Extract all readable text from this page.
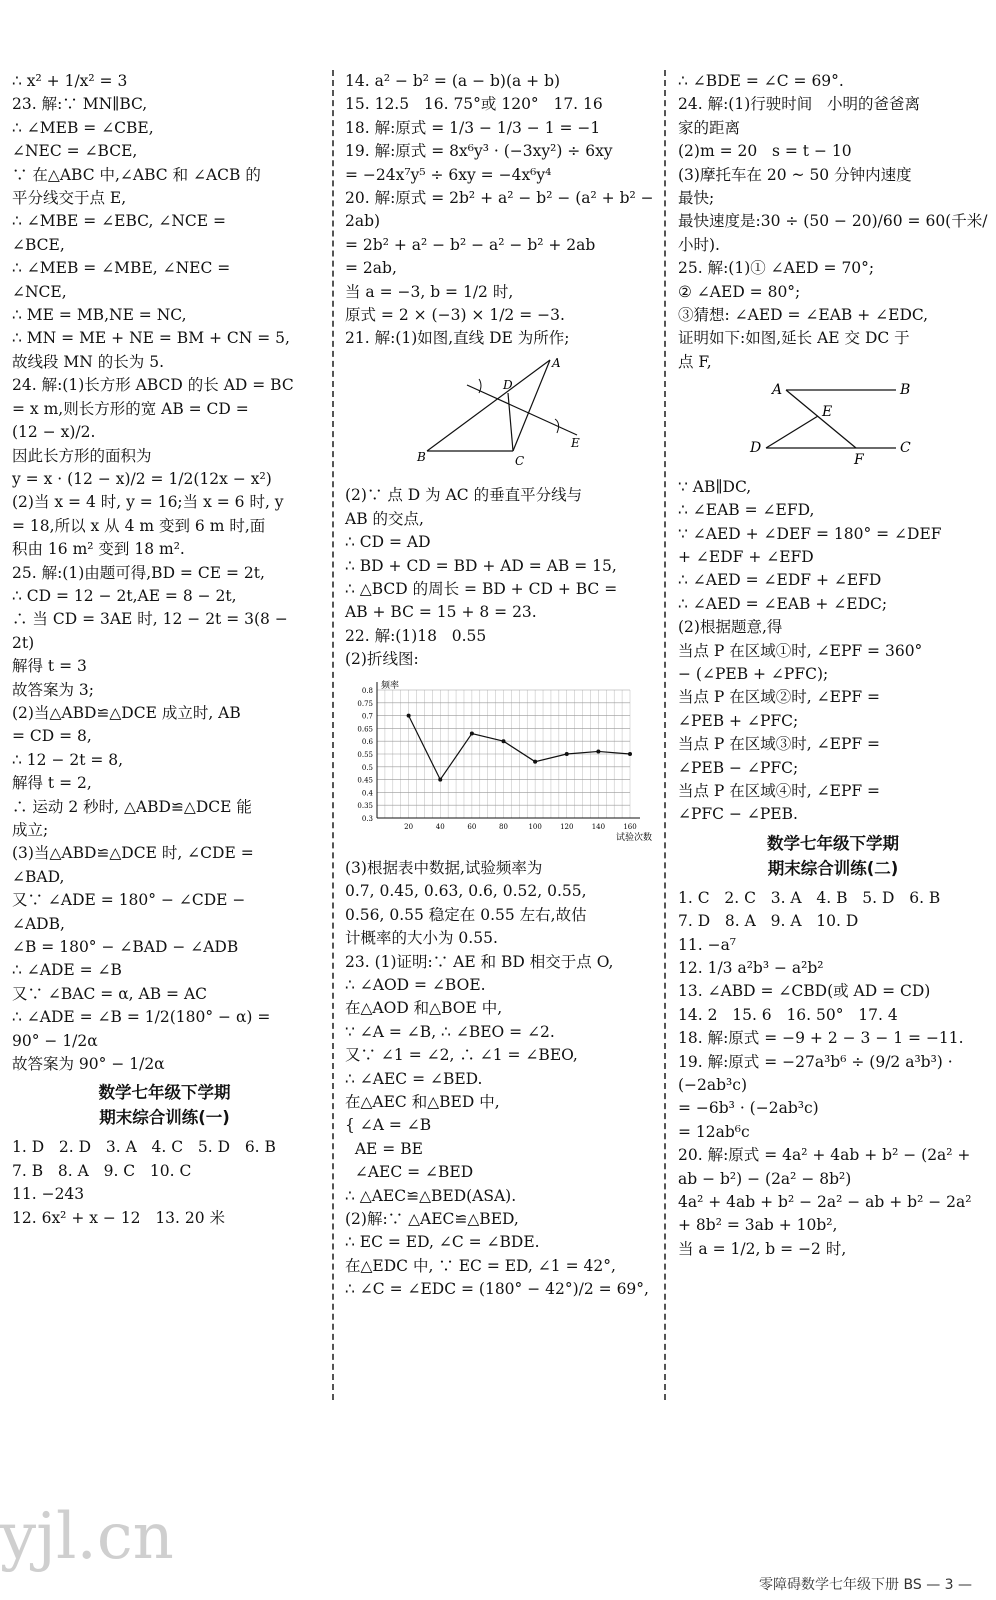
∴ x² + 1/x² = 3
23. 解:∵ MN∥BC,
∴ ∠MEB = ∠CBE,
∠NEC = ∠BCE,
∵ 在△ABC 中,∠ABC 和 ∠ACB 的
平分线交于点 E,
∴ ∠MBE = ∠EBC, ∠NCE =
∠BCE,
∴ ∠MEB = ∠MBE, ∠NEC =
∠NCE,
∴ ME = MB,NE = NC,
∴ MN = ME + NE = BM + CN = 5,
故线段 MN 的长为 5.
24. 解:(1)长方形 ABCD 的长 AD = BC
= x m,则长方形的宽 AB = CD =
(12 − x)/2.
因此长方形的面积为
y = x · (12 − x)/2 = 1/2(12x − x²)
(2)当 x = 4 时, y = 16;当 x = 6 时, y
= 18,所以 x 从 4 m 变到 6 m 时,面
积由 16 m² 变到 18 m².
25. 解:(1)由题可得,BD = CE = 2t,
∴ CD = 12 − 2t,AE = 8 − 2t,
∴ 当 CD = 3AE 时, 12 − 2t = 3(8 −
2t)
解得 t = 3
故答案为 3;
(2)当△ABD≌△DCE 成立时, AB
= CD = 8,
∴ 12 − 2t = 8,
解得 t = 2,
∴ 运动 2 秒时, △ABD≌△DCE 能
成立;
(3)当△ABD≌△DCE 时, ∠CDE =
∠BAD,
又∵ ∠ADE = 180° − ∠CDE −
∠ADB,
∠B = 180° − ∠BAD − ∠ADB
∴ ∠ADE = ∠B
又∵ ∠BAC = α, AB = AC
∴ ∠ADE = ∠B = 1/2(180° − α) =
90° − 1/2α
故答案为 90° − 1/2α
数学七年级下学期
期末综合训练(一)
1. D   2. D   3. A   4. C   5. D   6. B
7. B   8. A   9. C   10. C
11. −243
12. 6x² + x − 12   13. 20 米
14. a² − b² = (a − b)(a + b)
15. 12.5   16. 75°或 120°   17. 16
18. 解:原式 = 1/3 − 1/3 − 1 = −1
19. 解:原式 = 8x⁶y³ · (−3xy²) ÷ 6xy
= −24x⁷y⁵ ÷ 6xy = −4x⁶y⁴
20. 解:原式 = 2b² + a² − b² − (a² + b² −
2ab)
= 2b² + a² − b² − a² − b² + 2ab
= 2ab,
当 a = −3, b = 1/2 时,
原式 = 2 × (−3) × 1/2 = −3.
21. 解:(1)如图,直线 DE 为所作;
A
B	C
D
E
(2)∵ 点 D 为 AC 的垂直平分线与
AB 的交点,
∴ CD = AD
∴ BD + CD = BD + AD = AB = 15,
∴ △BCD 的周长 = BD + CD + BC =
AB + BC = 15 + 8 = 23.
22. 解:(1)18   0.55
(2)折线图:
0.3
0.35
0.4
0.45
0.5
0.55
0.6
0.65
0.7
0.75
0.8
20	40	60	80	100	120	140	160
频率
试验次数
(3)根据表中数据,试验频率为
0.7, 0.45, 0.63, 0.6, 0.52, 0.55,
0.56, 0.55 稳定在 0.55 左右,故估
计概率的大小为 0.55.
23. (1)证明:∵ AE 和 BD 相交于点 O,
∴ ∠AOD = ∠BOE.
在△AOD 和△BOE 中,
∵ ∠A = ∠B, ∴ ∠BEO = ∠2.
又∵ ∠1 = ∠2, ∴ ∠1 = ∠BEO,
∴ ∠AEC = ∠BED.
在△AEC 和△BED 中,
{ ∠A = ∠B
AE = BE
∠AEC = ∠BED
∴ △AEC≌△BED(ASA).
(2)解:∵ △AEC≌△BED,
∴ EC = ED, ∠C = ∠BDE.
在△EDC 中, ∵ EC = ED, ∠1 = 42°,
∴ ∠C = ∠EDC = (180° − 42°)/2 = 69°,
∴ ∠BDE = ∠C = 69°.
24. 解:(1)行驶时间   小明的爸爸离
家的距离
(2)m = 20   s = t − 10
(3)摩托车在 20 ~ 50 分钟内速度
最快;
最快速度是:30 ÷ (50 − 20)/60 = 60(千米/
小时).
25. 解:(1)① ∠AED = 70°;
② ∠AED = 80°;
③猜想: ∠AED = ∠EAB + ∠EDC,
证明如下:如图,延长 AE 交 DC 于
点 F,
A	B
C
D
E
F
∵ AB∥DC,
∴ ∠EAB = ∠EFD,
∵ ∠AED + ∠DEF = 180° = ∠DEF
+ ∠EDF + ∠EFD
∴ ∠AED = ∠EDF + ∠EFD
∴ ∠AED = ∠EAB + ∠EDC;
(2)根据题意,得
当点 P 在区域①时, ∠EPF = 360°
− (∠PEB + ∠PFC);
当点 P 在区域②时, ∠EPF =
∠PEB + ∠PFC;
当点 P 在区域③时, ∠EPF =
∠PEB − ∠PFC;
当点 P 在区域④时, ∠EPF =
∠PFC − ∠PEB.
数学七年级下学期
期末综合训练(二)
1. C   2. C   3. A   4. B   5. D   6. B
7. D   8. A   9. A   10. D
11. −a⁷
12. 1/3 a²b³ − a²b²
13. ∠ABD = ∠CBD(或 AD = CD)
14. 2   15. 6   16. 50°   17. 4
18. 解:原式 = −9 + 2 − 3 − 1 = −11.
19. 解:原式 = −27a³b⁶ ÷ (9/2 a³b³) ·
(−2ab³c)
= −6b³ · (−2ab³c)
= 12ab⁶c
20. 解:原式 = 4a² + 4ab + b² − (2a² +
ab − b²) − (2a² − 8b²)
4a² + 4ab + b² − 2a² − ab + b² − 2a²
+ 8b² = 3ab + 10b²,
当 a = 1/2, b = −2 时,
yjl.cn
零障碍数学七年级下册 BS — 3 —
